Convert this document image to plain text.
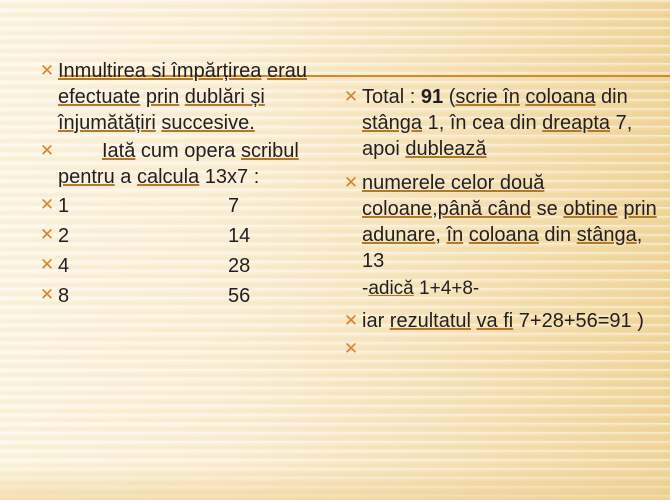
✕ Inmultirea si împărțirea erau efectuate prin dublări și înjumătățiri succesive.
✕	Iată cum opera scribul pentru a calcula 13x7 :
✕ 1	7
✕ 2	14
✕ 4	28
✕ 8	56
✕ Total : 91 (scrie în coloana din stânga 1, în cea din dreapta 7, apoi dublează
✕ numerele celor două coloane,până când se obtine prin adunare, în coloana din stânga, 13
-adică 1+4+8-
✕ iar rezultatul va fi 7+28+56=91 )
✕
